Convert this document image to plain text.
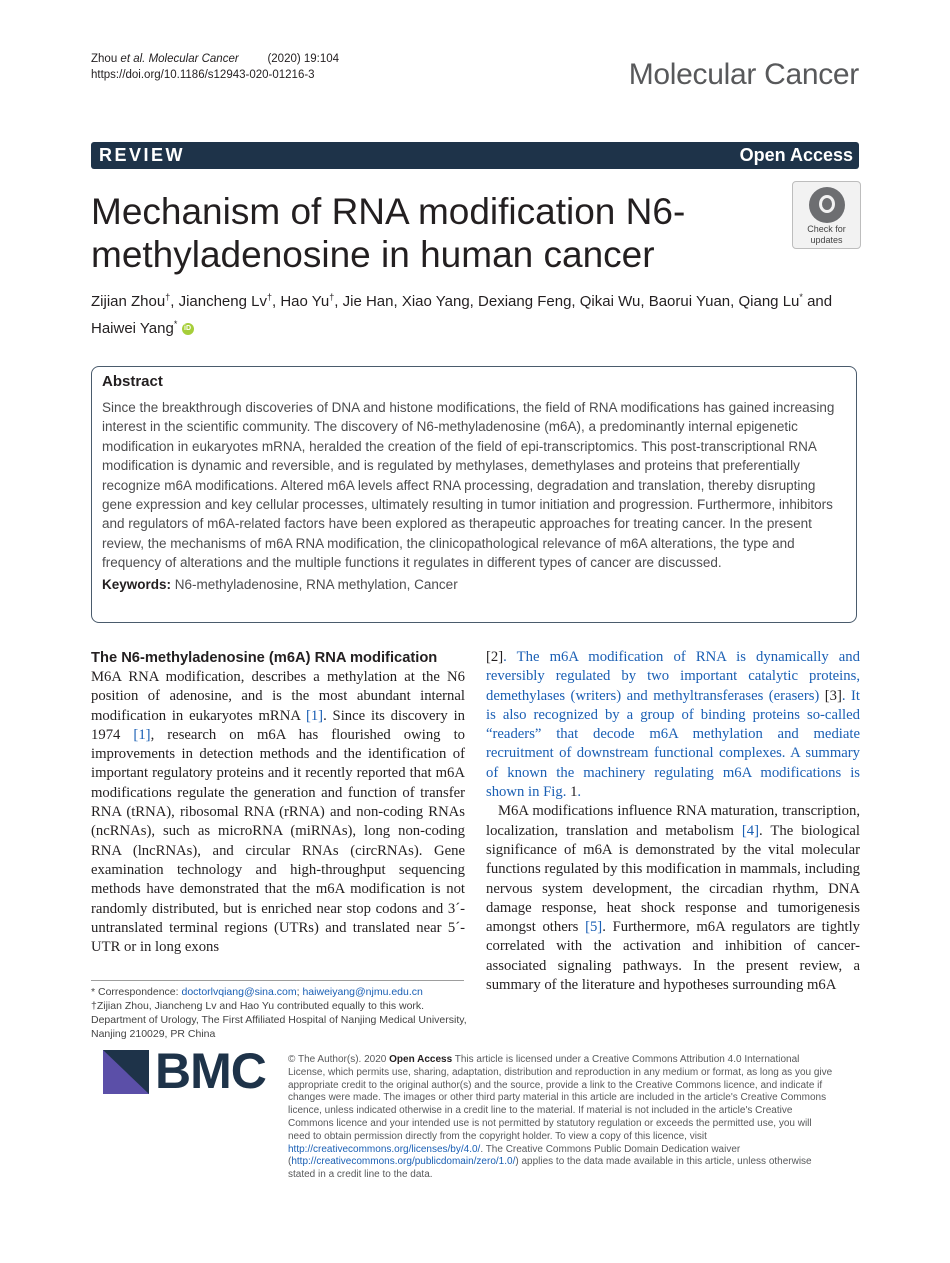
Zhou et al. Molecular Cancer	(2020) 19:104
https://doi.org/10.1186/s12943-020-01216-3	Molecular Cancer
REVIEW	Open Access
Mechanism of RNA modification N6-methyladenosine in human cancer
Check for
updates
Zijian Zhou†, Jiancheng Lv†, Hao Yu†, Jie Han, Xiao Yang, Dexiang Feng, Qikai Wu, Baorui Yuan, Qiang Lu* and
Haiwei Yang* iD
Abstract

Since the breakthrough discoveries of DNA and histone modifications, the field of RNA modifications has gained increasing interest in the scientific community. The discovery of N6-methyladenosine (m6A), a predominantly internal epigenetic modification in eukaryotes mRNA, heralded the creation of the field of epi-transcriptomics. This post-transcriptional RNA modification is dynamic and reversible, and is regulated by methylases, demethylases and proteins that preferentially recognize m6A modifications. Altered m6A levels affect RNA processing, degradation and translation, thereby disrupting gene expression and key cellular processes, ultimately resulting in tumor initiation and progression. Furthermore, inhibitors and regulators of m6A-related factors have been explored as therapeutic approaches for treating cancer. In the present review, the mechanisms of m6A RNA modification, the clinicopathological relevance of m6A alterations, the type and frequency of alterations and the multiple functions it regulates in different types of cancer are discussed.

Keywords: N6-methyladenosine, RNA methylation, Cancer
The N6-methyladenosine (m6A) RNA modification

M6A RNA modification, describes a methylation at the N6 position of adenosine, and is the most abundant internal modification in eukaryotes mRNA [1]. Since its discovery in 1974 [1], research on m6A has flourished owing to improvements in detection methods and the identification of important regulatory proteins and it recently reported that m6A modifications regulate the generation and function of transfer RNA (tRNA), ribosomal RNA (rRNA) and non-coding RNAs (ncRNAs), such as microRNA (miRNAs), long non-coding RNA (lncRNAs), and circular RNAs (circRNAs). Gene examination technology and high-throughput sequencing methods have demonstrated that the m6A modification is not randomly distributed, but is enriched near stop codons and 3´-untranslated terminal regions (UTRs) and translated near 5´-UTR or in long exons

[2]. The m6A modification of RNA is dynamically and reversibly regulated by two important catalytic proteins, demethylases (writers) and methyltransferases (erasers) [3]. It is also recognized by a group of binding proteins so-called “readers” that decode m6A methylation and mediate recruitment of downstream functional complexes. A summary of known the machinery regulating m6A modifications is shown in Fig. 1.

M6A modifications influence RNA maturation, transcription, localization, translation and metabolism [4]. The biological significance of m6A is demonstrated by the vital molecular functions regulated by this modification in mammals, including nervous system development, the circadian rhythm, DNA damage response, heat shock response and tumorigenesis amongst others [5]. Furthermore, m6A regulators are tightly correlated with the activation and inhibition of cancer-associated signaling pathways. In the present review, a summary of the literature and hypotheses surrounding m6A

* Correspondence: doctorlvqiang@sina.com; haiweiyang@njmu.edu.cn
†Zijian Zhou, Jiancheng Lv and Hao Yu contributed equally to this work.
Department of Urology, The First Affiliated Hospital of Nanjing Medical University, Nanjing 210029, PR China
BMC © The Author(s). 2020 Open Access This article is licensed under a Creative Commons Attribution 4.0 International License, which permits use, sharing, adaptation, distribution and reproduction in any medium or format, as long as you give appropriate credit to the original author(s) and the source, provide a link to the Creative Commons licence, and indicate if changes were made. The images or other third party material in this article are included in the article's Creative Commons licence, unless indicated otherwise in a credit line to the material. If material is not included in the article's Creative Commons licence and your intended use is not permitted by statutory regulation or exceeds the permitted use, you will need to obtain permission directly from the copyright holder. To view a copy of this licence, visit http://creativecommons.org/licenses/by/4.0/. The Creative Commons Public Domain Dedication waiver (http://creativecommons.org/publicdomain/zero/1.0/) applies to the data made available in this article, unless otherwise stated in a credit line to the data.
